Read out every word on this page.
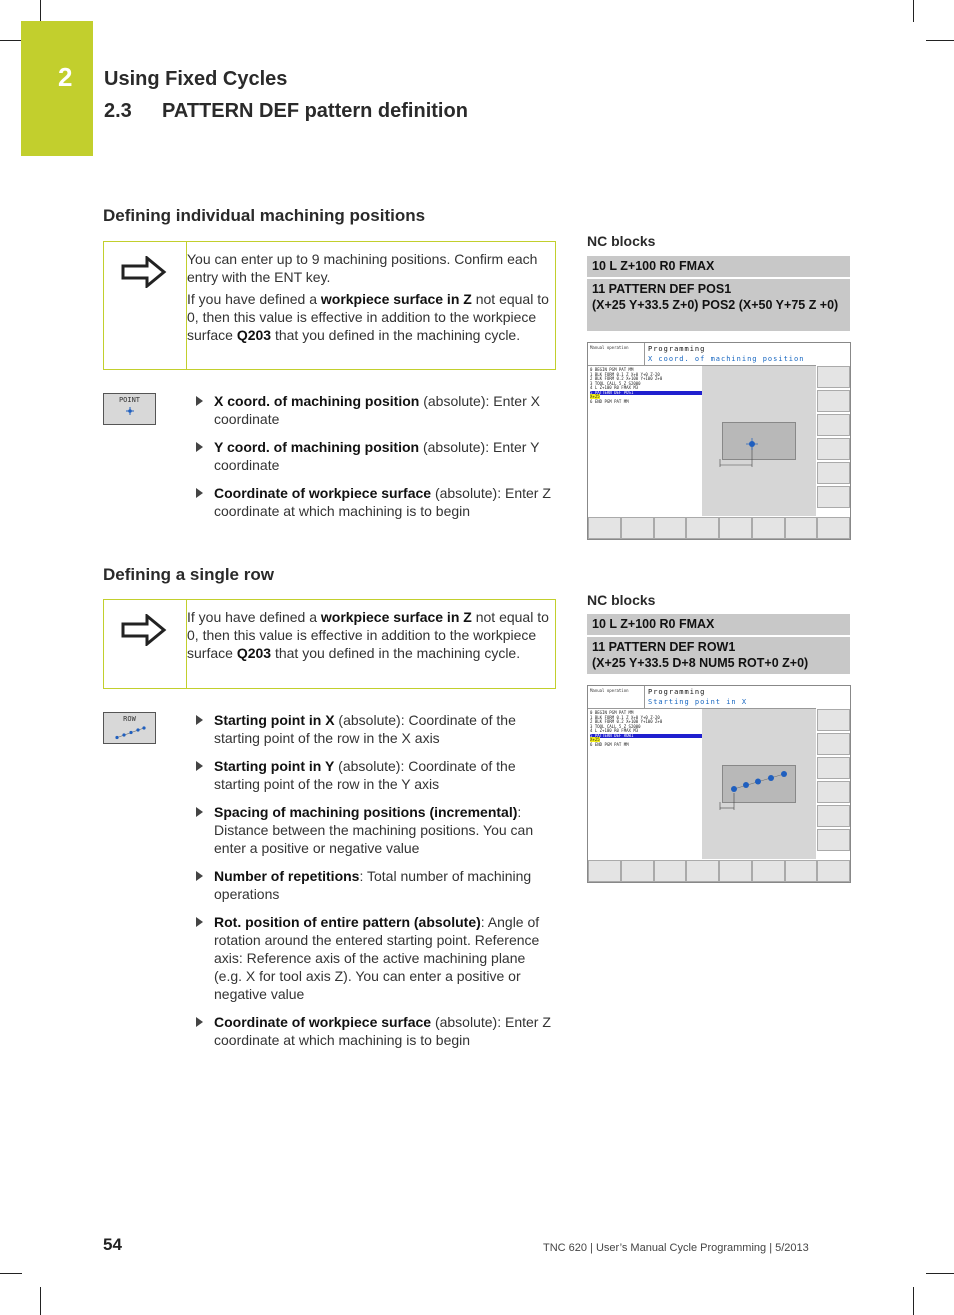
2 Using Fixed Cycles
2.3 PATTERN DEF pattern definition
Defining individual machining positions

You can enter up to 9 machining positions. Confirm each entry with the ENT key.

If you have defined a workpiece surface in Z not equal to 0, then this value is effective in addition to the workpiece surface Q203 that you defined in the machining cycle.

POINT	X coord. of machining position (absolute): Enter X coordinate
Y coord. of machining position (absolute): Enter Y coordinate
Coordinate of workpiece surface (absolute): Enter Z coordinate at which machining is to begin
NC blocks
10 L Z+100 R0 FMAX
11 PATTERN DEF POS1
(X+25 Y+33.5 Z+0) POS2 (X+50 Y+75 Z +0)
Manual operation	Programming
X coord. of machining position
0 BEGIN PGM PAT MM
1 BLK FORM 0.1 Z X+0 Y+0 Z-20
2 BLK FORM 0.2 X+100 Y+100 Z+0
3 TOOL CALL 5 Z S2000
4 L Z+100 R0 FMAX M3
5 PATTERN DEF POS1
X+25
6 END PGM PAT MM
Defining a single row

If you have defined a workpiece surface in Z not equal to 0, then this value is effective in addition to the workpiece surface Q203 that you defined in the machining cycle.

ROW	Starting point in X (absolute): Coordinate of the starting point of the row in the X axis
Starting point in Y (absolute): Coordinate of the starting point of the row in the Y axis
Spacing of machining positions (incremental): Distance between the machining positions. You can enter a positive or negative value
Number of repetitions: Total number of machining operations
Rot. position of entire pattern (absolute): Angle of rotation around the entered starting point. Reference axis: Reference axis of the active machining plane (e.g. X for tool axis Z). You can enter a positive or negative value
Coordinate of workpiece surface (absolute): Enter Z coordinate at which machining is to begin
NC blocks
10 L Z+100 R0 FMAX
11 PATTERN DEF ROW1
(X+25 Y+33.5 D+8 NUM5 ROT+0 Z+0)
Manual operation	Programming
Starting point in X
0 BEGIN PGM PAT MM
1 BLK FORM 0.1 Z X+0 Y+0 Z-20
2 BLK FORM 0.2 X+100 Y+100 Z+0
3 TOOL CALL 5 Z S2000
4 L Z+100 R0 FMAX M3
5 PATTERN DEF ROW1
X+25
6 END PGM PAT MM
54	TNC 620 | User’s Manual Cycle Programming | 5/2013
